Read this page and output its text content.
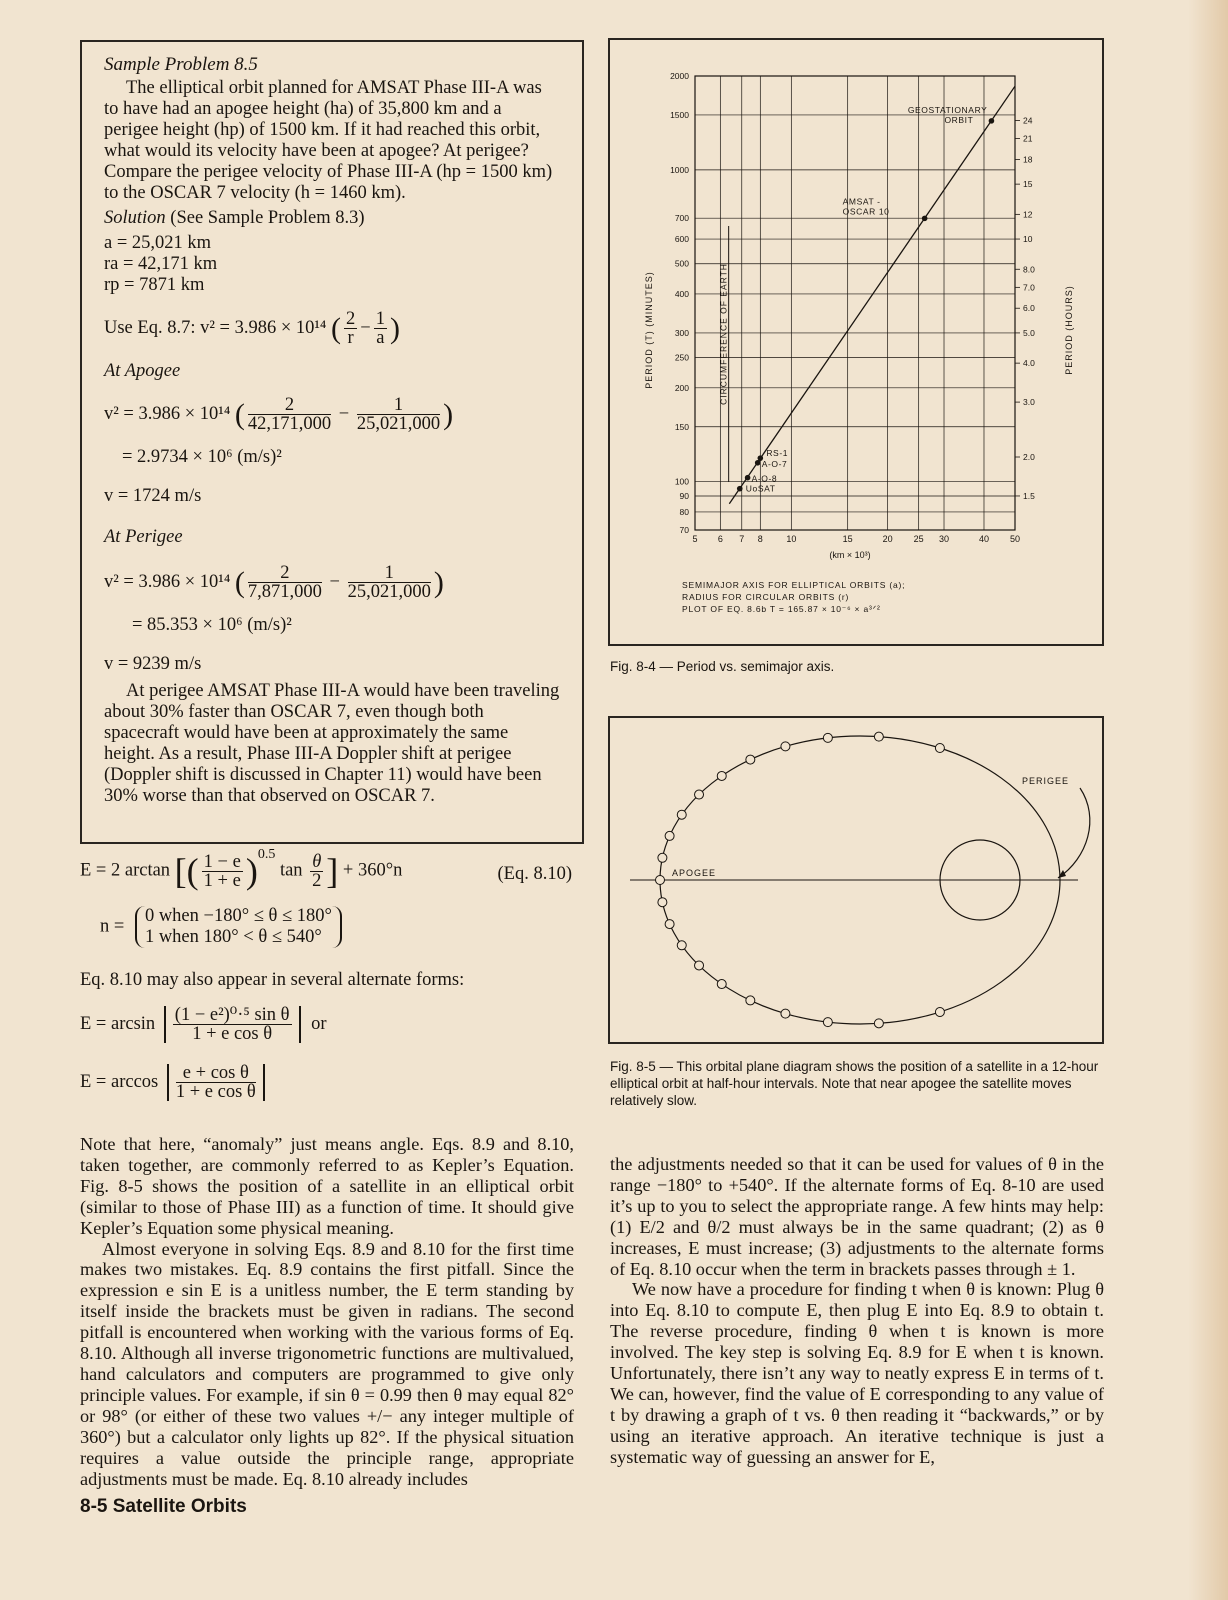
Sample Problem 8.5

The elliptical orbit planned for AMSAT Phase III-A was to have had an apogee height (ha) of 35,800 km and a perigee height (hp) of 1500 km. If it had reached this orbit, what would its velocity have been at apogee? At perigee? Compare the perigee velocity of Phase III-A (hp = 1500 km) to the OSCAR 7 velocity (h = 1460 km).

Solution (See Sample Problem 8.3)
a = 25,021 km
ra = 42,171 km
rp = 7871 km
Use Eq. 8.7: v² = 3.986 × 10¹⁴ ( $\frac{2}{r} - \frac{1}{a}$ )
At Apogee
v² = 3.986 × 10¹⁴ ( $\frac{2}{42,171,000} - \frac{1}{25,021,000}$ )
= 2.9734 × 10⁶ (m/s)²
v = 1724 m/s
At Perigee
v² = 3.986 × 10¹⁴ ( $\frac{2}{7,871,000} - \frac{1}{25,021,000}$ )
= 85.353 × 10⁶ (m/s)²
v = 9239 m/s

At perigee AMSAT Phase III-A would have been traveling about 30% faster than OSCAR 7, even though both spacecraft would have been at approximately the same height. As a result, Phase III-A Doppler shift at perigee (Doppler shift is discussed in Chapter 11) would have been 30% worse than that observed on OSCAR 7.

E = 2 arctan [( $\frac{1 - e}{1 + e} )^{0.5}$ $\tan \frac{\theta}{2}$ ] + 360°n	(Eq. 8.10)
n =
0 when −180° ≤ θ ≤ 180°
1 when 180° < θ ≤ 540°
Eq. 8.10 may also appear in several alternate forms:
$E = \arcsin \frac{\text{(1 − e²)⁰·⁵ sin θ}}{\text{1 + e cos θ}}$ or
$E = \arccos \frac{\text{e + cos θ}}{\text{1 + e cos θ}}$

Note that here, “anomaly” just means angle. Eqs. 8.9 and 8.10, taken together, are commonly referred to as Kepler’s Equation. Fig. 8-5 shows the position of a satellite in an elliptical orbit (similar to those of Phase III) as a function of time. It should give Kepler’s Equation some physical meaning.

Almost everyone in solving Eqs. 8.9 and 8.10 for the first time makes two mistakes. Eq. 8.9 contains the first pitfall. Since the expression e sin E is a unitless number, the E term standing by itself inside the brackets must be given in radians. The second pitfall is encountered when working with the various forms of Eq. 8.10. Although all inverse trigonometric functions are multivalued, hand calculators and computers are programmed to give only principle values. For example, if sin θ = 0.99 then θ may equal 82° or 98° (or either of these two values +/− any integer multiple of 360°) but a calculator only lights up 82°. If the physical situation requires a value outside the principle range, appropriate adjustments must be made. Eq. 8.10 already includes

the adjustments needed so that it can be used for values of θ in the range −180° to +540°. If the alternate forms of Eq. 8-10 are used it’s up to you to select the appropriate range. A few hints may help: (1) E/2 and θ/2 must always be in the same quadrant; (2) as θ increases, E must increase; (3) adjustments to the alternate forms of Eq. 8.10 occur when the term in brackets passes through ± 1.

We now have a procedure for finding t when θ is known: Plug θ into Eq. 8.10 to compute E, then plug E into Eq. 8.9 to obtain t. The reverse procedure, finding θ when t is known is more involved. The key step is solving Eq. 8.9 for E when t is known. Unfortunately, there isn’t any way to neatly express E in terms of t. We can, however, find the value of E corresponding to any value of t by drawing a graph of t vs. θ then reading it “backwards,” or by using an iterative approach. An iterative technique is just a systematic way of guessing an answer for E,

5 6 7 8	10	15	20 25 30	40 50
70
80
90
100
150
200
250
300
400
500
600
700
1000
1500
2000
1.5
2.0
3.0
4.0
5.0
6.0
7.0
8.0
10
12
15
18
21
24
CIRCUMFERENCE OF EARTH
GEOSTATIONARY
ORBIT
AMSAT -
OSCAR 10
RS-1
A-O-7
A-O-8
UoSAT
PERIOD (T) (MINUTES)	PERIOD (HOURS)
(km × 10³)
SEMIMAJOR AXIS FOR ELLIPTICAL ORBITS (a);
RADIUS FOR CIRCULAR ORBITS (r)
PLOT OF EQ. 8.6b T = 165.87 × 10⁻⁶ × a³ᐟ²
Fig. 8-4 — Period vs. semimajor axis.
APOGEE
PERIGEE
Fig. 8-5 — This orbital plane diagram shows the position of a satellite in a 12-hour elliptical orbit at half-hour intervals. Note that near apogee the satellite moves relatively slow.
8-5 Satellite Orbits
